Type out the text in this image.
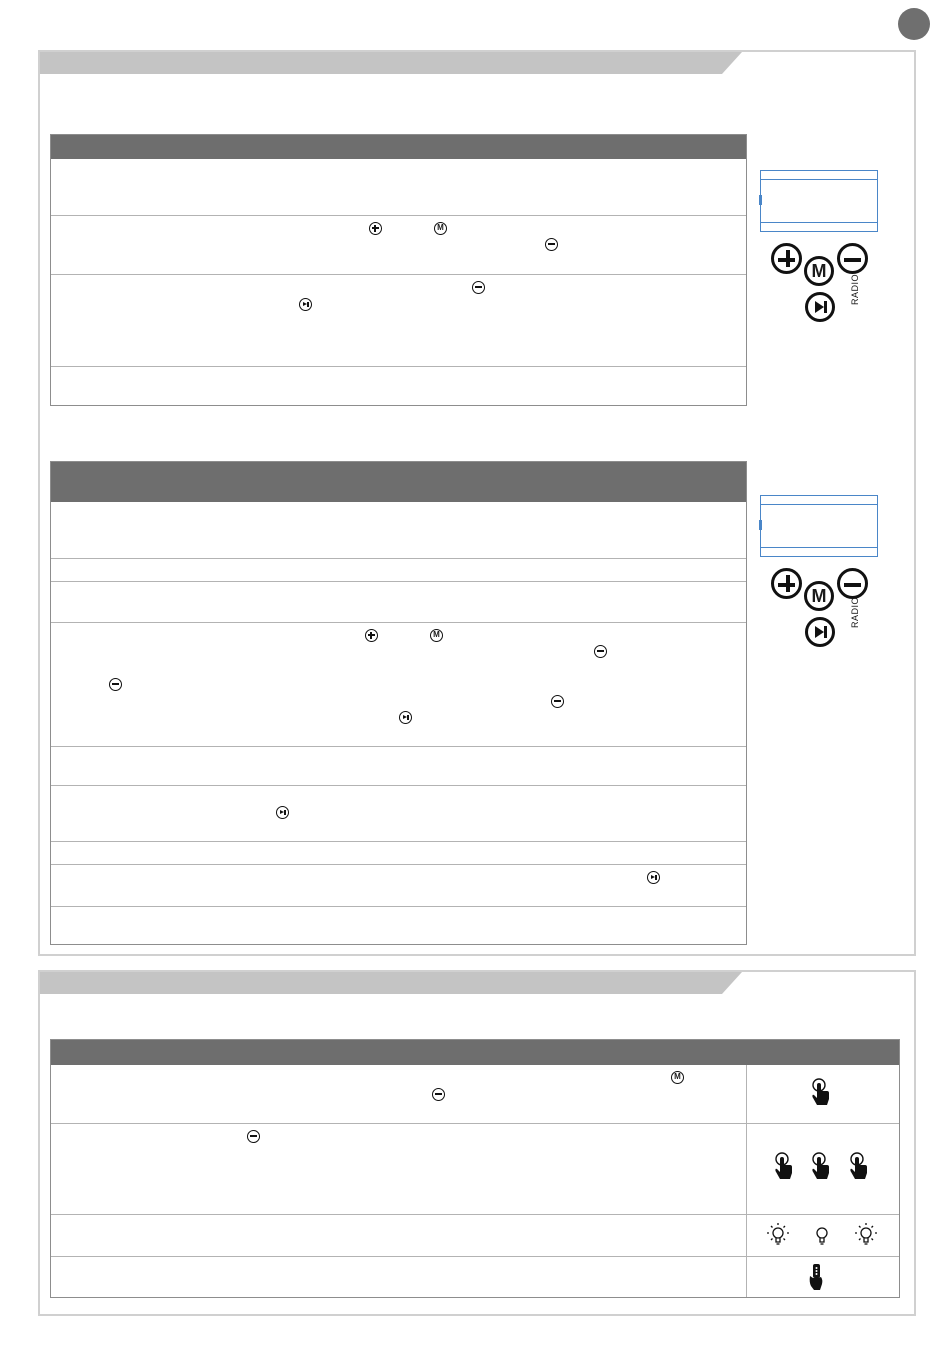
M
M
RADIO
M
M
RADIO
M
